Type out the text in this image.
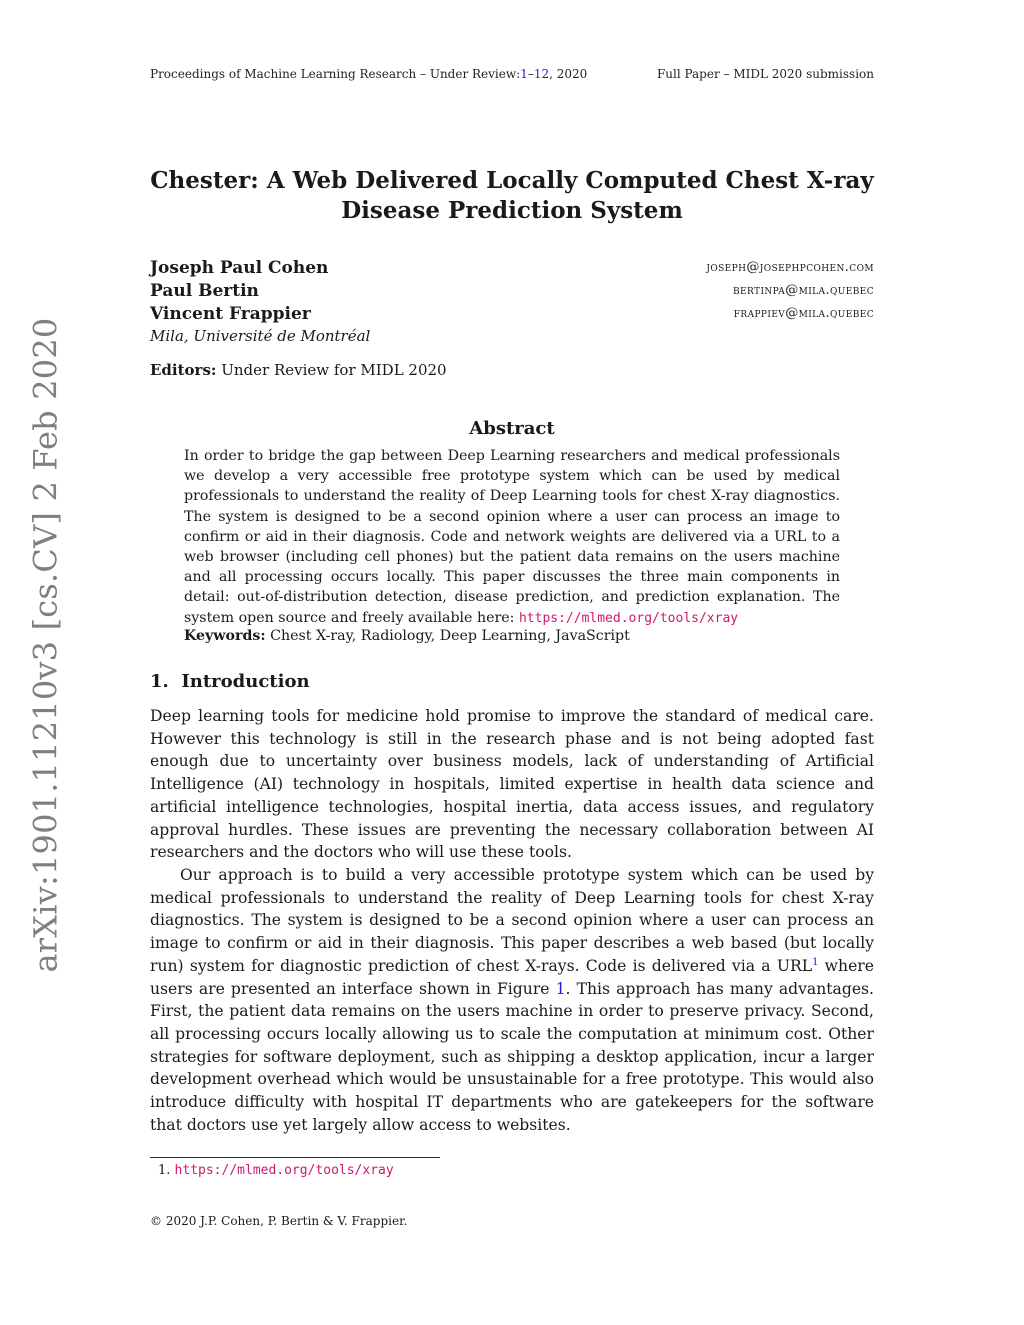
Proceedings of Machine Learning Research – Under Review:1–12, 2020	Full Paper – MIDL 2020 submission
arXiv:1901.11210v3 [cs.CV] 2 Feb 2020
Chester: A Web Delivered Locally Computed Chest X-ray Disease Prediction System
Joseph Paul Cohen	joseph@josephpcohen.com
Paul Bertin	bertinpa@mila.quebec
Vincent Frappier	frappiev@mila.quebec
Mila, Université de Montréal
Editors: Under Review for MIDL 2020
Abstract
In order to bridge the gap between Deep Learning researchers and medical professionals we develop a very accessible free prototype system which can be used by medical professionals to understand the reality of Deep Learning tools for chest X-ray diagnostics. The system is designed to be a second opinion where a user can process an image to confirm or aid in their diagnosis. Code and network weights are delivered via a URL to a web browser (including cell phones) but the patient data remains on the users machine and all processing occurs locally. This paper discusses the three main components in detail: out-of-distribution detection, disease prediction, and prediction explanation. The system open source and freely available here: https://mlmed.org/tools/xray
Keywords: Chest X-ray, Radiology, Deep Learning, JavaScript
1. Introduction
Deep learning tools for medicine hold promise to improve the standard of medical care. However this technology is still in the research phase and is not being adopted fast enough due to uncertainty over business models, lack of understanding of Artificial Intelligence (AI) technology in hospitals, limited expertise in health data science and artificial intelligence technologies, hospital inertia, data access issues, and regulatory approval hurdles. These issues are preventing the necessary collaboration between AI researchers and the doctors who will use these tools.
Our approach is to build a very accessible prototype system which can be used by medical professionals to understand the reality of Deep Learning tools for chest X-ray diagnostics. The system is designed to be a second opinion where a user can process an image to confirm or aid in their diagnosis. This paper describes a web based (but locally run) system for diagnostic prediction of chest X-rays. Code is delivered via a URL$^1$ where users are presented an interface shown in Figure 1. This approach has many advantages. First, the patient data remains on the users machine in order to preserve privacy. Second, all processing occurs locally allowing us to scale the computation at minimum cost. Other strategies for software deployment, such as shipping a desktop application, incur a larger development overhead which would be unsustainable for a free prototype. This would also introduce difficulty with hospital IT departments who are gatekeepers for the software that doctors use yet largely allow access to websites.
1. https://mlmed.org/tools/xray
© 2020 J.P. Cohen, P. Bertin & V. Frappier.
